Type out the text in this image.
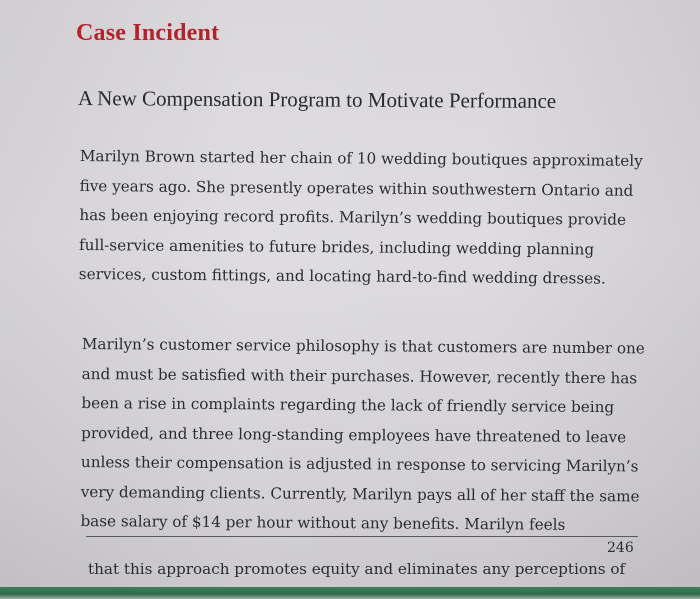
Case Incident
A New Compensation Program to Motivate Performance

Marilyn Brown started her chain of 10 wedding boutiques approximately
five years ago. She presently operates within southwestern Ontario and
has been enjoying record profits. Marilyn’s wedding boutiques provide
full-service amenities to future brides, including wedding planning
services, custom fittings, and locating hard-to-find wedding dresses.

Marilyn’s customer service philosophy is that customers are number one
and must be satisfied with their purchases. However, recently there has
been a rise in complaints regarding the lack of friendly service being
provided, and three long-standing employees have threatened to leave
unless their compensation is adjusted in response to servicing Marilyn’s
very demanding clients. Currently, Marilyn pays all of her staff the same
base salary of $14 per hour without any benefits. Marilyn feels

246

that this approach promotes equity and eliminates any perceptions of
